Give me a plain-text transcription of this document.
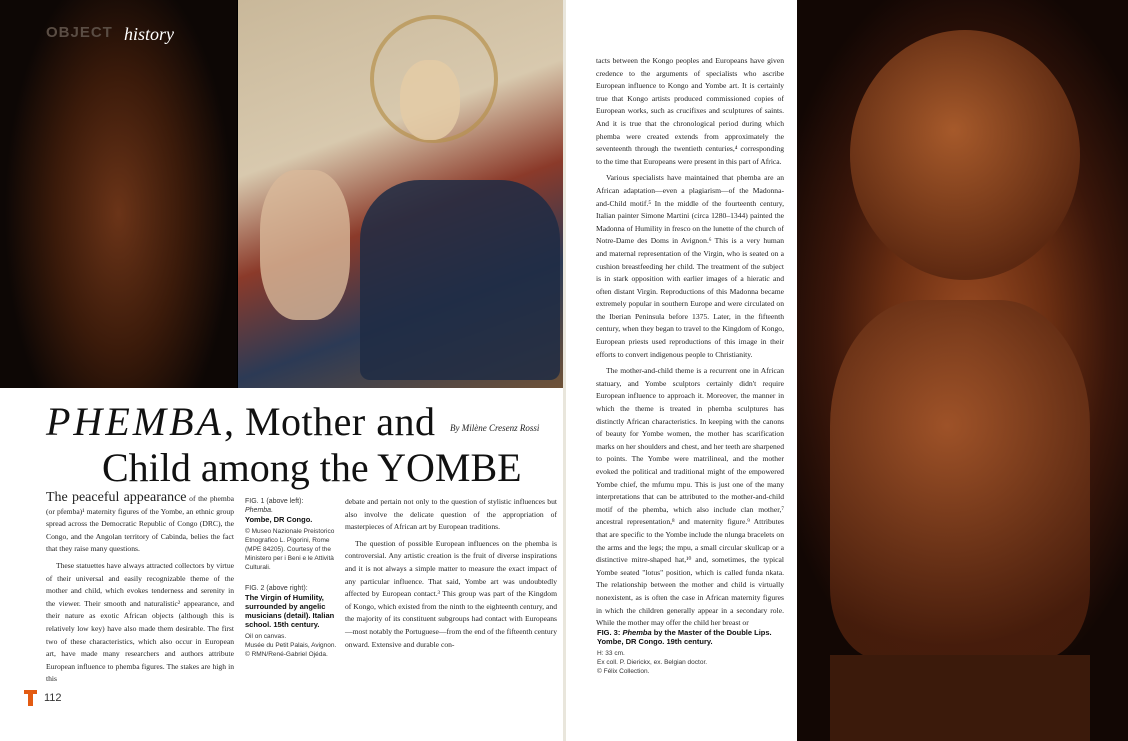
OBJECT history
PHEMBA, Mother and
Child among the YOMBE
By Milène Cresenz Rossi

The peaceful appearance of the phemba (or pfemba)¹ maternity figures of the Yombe, an ethnic group spread across the Democratic Republic of Congo (DRC), the Congo, and the Angolan territory of Cabinda, belies the fact that they raise many questions.

These statuettes have always attracted collectors by virtue of their universal and easily recognizable theme of the mother and child, which evokes tenderness and serenity in the viewer. Their smooth and naturalistic² appearance, and their nature as exotic African objects (although this is relatively low key) have also made them desirable. The first two of these characteristics, which also occur in European art, have made many researchers and authors attribute European influence to phemba figures. The stakes are high in this

FIG. 1 (above left):
Phemba.
Yombe, DR Congo.
© Museo Nazionale Preistorico Etnografico L. Pigorini, Rome (MPE 84205). Courtesy of the Ministero per i Beni e le Attività Culturali.
FIG. 2 (above right):
The Virgin of Humility, surrounded by angelic musicians (detail). Italian school. 15th century.
Oil on canvas.
Musée du Petit Palais, Avignon. © RMN/René-Gabriel Ojéda.

debate and pertain not only to the question of stylistic influences but also involve the delicate question of the appropriation of masterpieces of African art by European traditions.

The question of possible European influences on the phemba is controversial. Any artistic creation is the fruit of diverse inspirations and it is not always a simple matter to measure the exact impact of any particular influence. That said, Yombe art was undoubtedly affected by European contact.³ This group was part of the Kingdom of Kongo, which existed from the ninth to the eighteenth century, and the majority of its constituent subgroups had contact with Europeans—most notably the Portuguese—from the end of the fifteenth century onward. Extensive and durable con-

tacts between the Kongo peoples and Europeans have given credence to the arguments of specialists who ascribe European influence to Kongo and Yombe art. It is certainly true that Kongo artists produced commissioned copies of European works, such as crucifixes and sculptures of saints. And it is true that the chronological period during which phemba were created extends from approximately the seventeenth through the twentieth centuries,⁴ corresponding to the time that Europeans were present in this part of Africa.

Various specialists have maintained that phemba are an African adaptation—even a plagiarism—of the Madonna-and-Child motif.⁵ In the middle of the fourteenth century, Italian painter Simone Martini (circa 1280–1344) painted the Madonna of Humility in fresco on the lunette of the church of Notre-Dame des Doms in Avignon.⁶ This is a very human and maternal representation of the Virgin, who is seated on a cushion breastfeeding her child. The treatment of the subject is in stark opposition with earlier images of a hieratic and often distant Virgin. Reproductions of this Madonna became extremely popular in southern Europe and were circulated on the Iberian Peninsula before 1375. Later, in the fifteenth century, when they began to travel to the Kingdom of Kongo, European priests used reproductions of this image in their efforts to convert indigenous people to Christianity.

The mother-and-child theme is a recurrent one in African statuary, and Yombe sculptors certainly didn't require European influence to approach it. Moreover, the manner in which the theme is treated in phemba sculptures has distinctly African characteristics. In keeping with the canons of beauty for Yombe women, the mother has scarification marks on her shoulders and chest, and her teeth are sharpened to points. The Yombe were matrilineal, and the mother evoked the political and traditional might of the empowered Yombe chief, the mfumu mpu. This is just one of the many interpretations that can be attributed to the mother-and-child motif of the phemba, which also include clan mother,⁷ ancestral representation,⁸ and maternity figure.⁹ Attributes that are specific to the Yombe include the nlunga bracelets on the arms and the legs; the mpu, a small circular skullcap or a distinctive mitre-shaped hat,¹⁰ and, sometimes, the typical Yombe seated "lotus" position, which is called funda nkata. The relationship between the mother and child is virtually nonexistent, as is often the case in African maternity figures in which the children generally appear in a secondary role. While the mother may offer the child her breast or

FIG. 3: Phemba by the Master of the Double Lips. Yombe, DR Congo. 19th century.
H: 33 cm.
Ex coll. P. Dierickx, ex. Belgian doctor.
© Félix Collection.
112
